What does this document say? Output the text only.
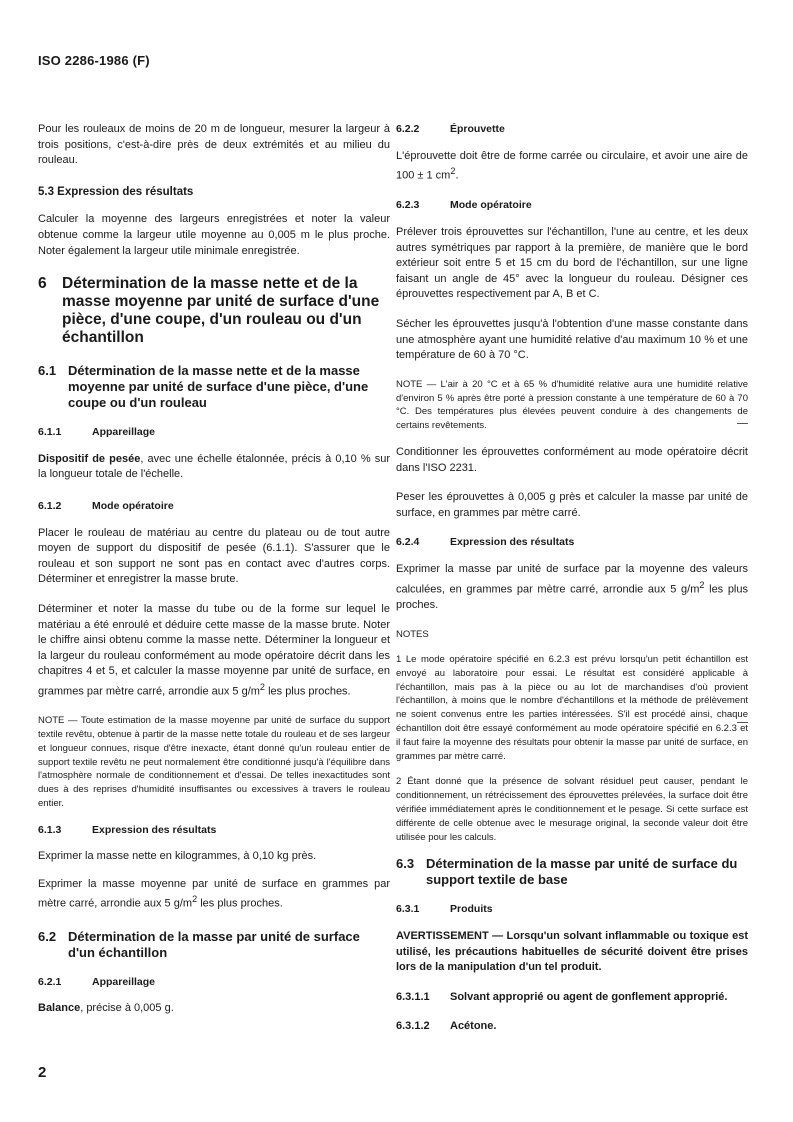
ISO 2286-1986 (F)

Pour les rouleaux de moins de 20 m de longueur, mesurer la largeur à trois positions, c'est-à-dire près de deux extrémités et au milieu du rouleau.

5.3 Expression des résultats

Calculer la moyenne des largeurs enregistrées et noter la valeur obtenue comme la largeur utile moyenne au 0,005 m le plus proche. Noter également la largeur utile minimale enregistrée.

6 Détermination de la masse nette et de la masse moyenne par unité de surface d'une pièce, d'une coupe, d'un rouleau ou d'un échantillon
6.1 Détermination de la masse nette et de la masse moyenne par unité de surface d'une pièce, d'une coupe ou d'un rouleau
6.1.1	Appareillage

Dispositif de pesée, avec une échelle étalonnée, précis à 0,10 % sur la longueur totale de l'échelle.

6.1.2	Mode opératoire

Placer le rouleau de matériau au centre du plateau ou de tout autre moyen de support du dispositif de pesée (6.1.1). S'assurer que le rouleau et son support ne sont pas en contact avec d'autres corps. Déterminer et enregistrer la masse brute.

Déterminer et noter la masse du tube ou de la forme sur lequel le matériau a été enroulé et déduire cette masse de la masse brute. Noter le chiffre ainsi obtenu comme la masse nette. Déterminer la longueur et la largeur du rouleau conformément au mode opératoire décrit dans les chapitres 4 et 5, et calculer la masse moyenne par unité de surface, en grammes par mètre carré, arrondie aux 5 $g/m^2$ les plus proches.

NOTE — Toute estimation de la masse moyenne par unité de surface du support textile revêtu, obtenue à partir de la masse nette totale du rouleau et de ses largeur et longueur connues, risque d'être inexacte, étant donné qu'un rouleau entier de support textile revêtu ne peut normalement être conditionné jusqu'à l'équilibre dans l'atmosphère normale de conditionnement et d'essai. De telles inexactitudes sont dues à des reprises d'humidité insuffisantes ou excessives à travers le rouleau entier.

6.1.3	Expression des résultats

Exprimer la masse nette en kilogrammes, à 0,10 kg près.

Exprimer la masse moyenne par unité de surface en grammes par mètre carré, arrondie aux 5 $g/m^2$ les plus proches.

6.2 Détermination de la masse par unité de surface d'un échantillon
6.2.1	Appareillage

Balance, précise à 0,005 g.

6.2.2	Éprouvette

L'éprouvette doit être de forme carrée ou circulaire, et avoir une aire de 100 ± 1 $cm^2$.

6.2.3	Mode opératoire

Prélever trois éprouvettes sur l'échantillon, l'une au centre, et les deux autres symétriques par rapport à la première, de manière que le bord extérieur soit entre 5 et 15 cm du bord de l'échantillon, sur une ligne faisant un angle de 45° avec la longueur du rouleau. Désigner ces éprouvettes respectivement par A, B et C.

Sécher les éprouvettes jusqu'à l'obtention d'une masse constante dans une atmosphère ayant une humidité relative d'au maximum 10 % et une température de 60 à 70 °C.

NOTE — L'air à 20 °C et à 65 % d'humidité relative aura une humidité relative d'environ 5 % après être porté à pression constante à une température de 60 à 70 °C. Des températures plus élevées peuvent conduire à des changements de certains revêtements.

Conditionner les éprouvettes conformément au mode opératoire décrit dans l'ISO 2231.

Peser les éprouvettes à 0,005 g près et calculer la masse par unité de surface, en grammes par mètre carré.

6.2.4	Expression des résultats

Exprimer la masse par unité de surface par la moyenne des valeurs calculées, en grammes par mètre carré, arrondie aux 5 $g/m^2$ les plus proches.

NOTES

1 Le mode opératoire spécifié en 6.2.3 est prévu lorsqu'un petit échantillon est envoyé au laboratoire pour essai. Le résultat est considéré applicable à l'échantillon, mais pas à la pièce ou au lot de marchandises d'où provient l'échantillon, à moins que le nombre d'échantillons et la méthode de prélèvement ne soient convenus entre les parties intéressées. S'il est procédé ainsi, chaque échantillon doit être essayé conformément au mode opératoire spécifié en 6.2.3 et il faut faire la moyenne des résultats pour obtenir la masse par unité de surface, en grammes par mètre carré.

2 Étant donné que la présence de solvant résiduel peut causer, pendant le conditionnement, un rétrécissement des éprouvettes prélevées, la surface doit être vérifiée immédiatement après le conditionnement et le pesage. Si cette surface est différente de celle obtenue avec le mesurage original, la seconde valeur doit être utilisée pour les calculs.

6.3 Détermination de la masse par unité de surface du support textile de base
6.3.1	Produits

AVERTISSEMENT — Lorsqu'un solvant inflammable ou toxique est utilisé, les précautions habituelles de sécurité doivent être prises lors de la manipulation d'un tel produit.

6.3.1.1 Solvant approprié ou agent de gonflement approprié.

6.3.1.2 Acétone.

2
